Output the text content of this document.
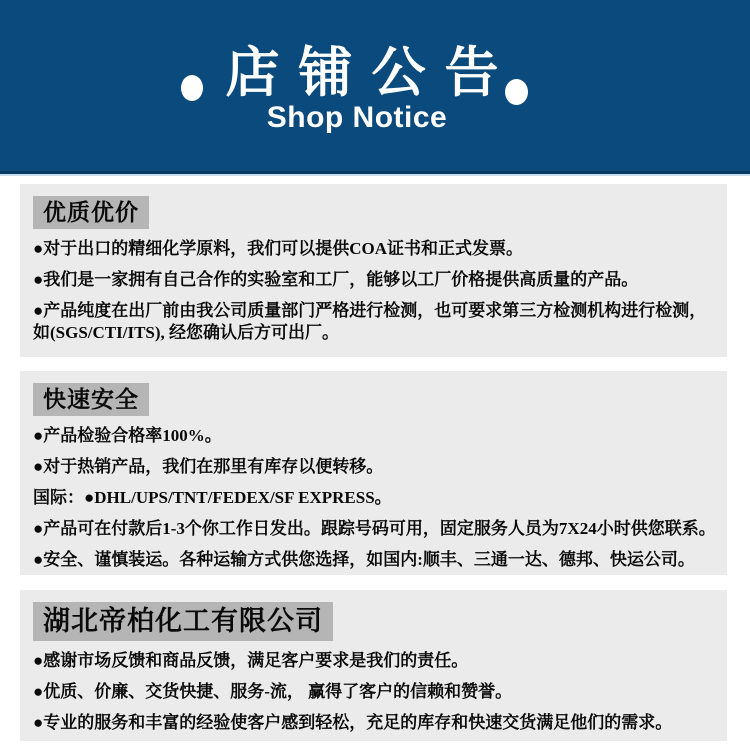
店 铺 公 告
Shop Notice
优质优价
●对于出口的精细化学原料，我们可以提供COA证书和正式发票。
●我们是一家拥有自己合作的实验室和工厂，能够以工厂价格提供高质量的产品。
●产品纯度在出厂前由我公司质量部门严格进行检测，也可要求第三方检测机构进行检测，如(SGS/CTI/ITS), 经您确认后方可出厂。
快速安全
●产品检验合格率100%。
●对于热销产品，我们在那里有库存以便转移。
国际：●DHL/UPS/TNT/FEDEX/SF EXPRESS。
●产品可在付款后1-3个你工作日发出。跟踪号码可用，固定服务人员为7X24小时供您联系。
●安全、谨慎装运。各种运输方式供您选择，如国内:顺丰、三通一达、德邦、快运公司。
湖北帝柏化工有限公司
●感谢市场反馈和商品反馈，满足客户要求是我们的责任。
●优质、价廉、交货快捷、服务-流， 赢得了客户的信赖和赞誉。
●专业的服务和丰富的经验使客户感到轻松，充足的库存和快速交货满足他们的需求。
